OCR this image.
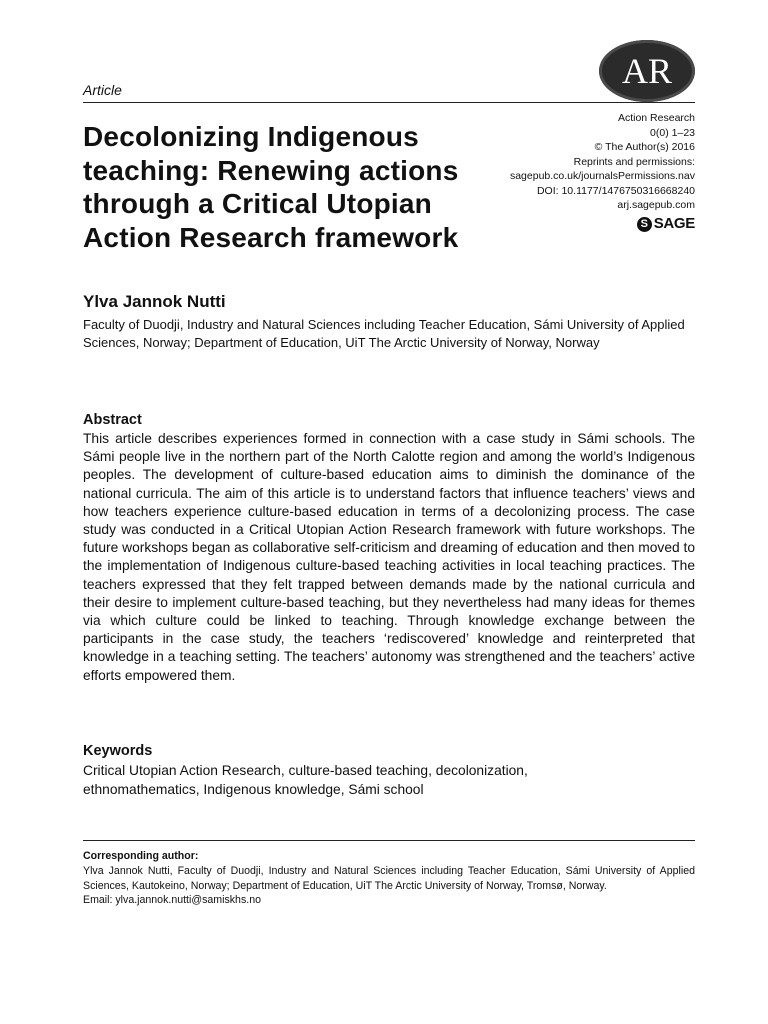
AR
Article
Decolonizing Indigenous teaching: Renewing actions through a Critical Utopian Action Research framework
Action Research
0(0) 1–23
© The Author(s) 2016
Reprints and permissions:
sagepub.co.uk/journalsPermissions.nav
DOI: 10.1177/1476750316668240
arj.sagepub.com
S SAGE
Ylva Jannok Nutti
Faculty of Duodji, Industry and Natural Sciences including Teacher Education, Sámi University of Applied Sciences, Norway; Department of Education, UiT The Arctic University of Norway, Norway
Abstract

This article describes experiences formed in connection with a case study in Sámi schools. The Sámi people live in the northern part of the North Calotte region and among the world’s Indigenous peoples. The development of culture-based education aims to diminish the dominance of the national curricula. The aim of this article is to understand factors that influence teachers’ views and how teachers experience culture-based education in terms of a decolonizing process. The case study was conducted in a Critical Utopian Action Research framework with future workshops. The future workshops began as collaborative self-criticism and dreaming of education and then moved to the implementation of Indigenous culture-based teaching activities in local teaching practices. The teachers expressed that they felt trapped between demands made by the national curricula and their desire to implement culture-based teaching, but they nevertheless had many ideas for themes via which culture could be linked to teaching. Through knowledge exchange between the participants in the case study, the teachers ‘rediscovered’ knowledge and reinterpreted that knowledge in a teaching setting. The teachers’ autonomy was strengthened and the teachers’ active efforts empowered them.

Keywords

Critical Utopian Action Research, culture-based teaching, decolonization, ethnomathematics, Indigenous knowledge, Sámi school

Corresponding author:
Ylva Jannok Nutti, Faculty of Duodji, Industry and Natural Sciences including Teacher Education, Sámi University of Applied Sciences, Kautokeino, Norway; Department of Education, UiT The Arctic University of Norway, Tromsø, Norway.
Email: ylva.jannok.nutti@samiskhs.no
